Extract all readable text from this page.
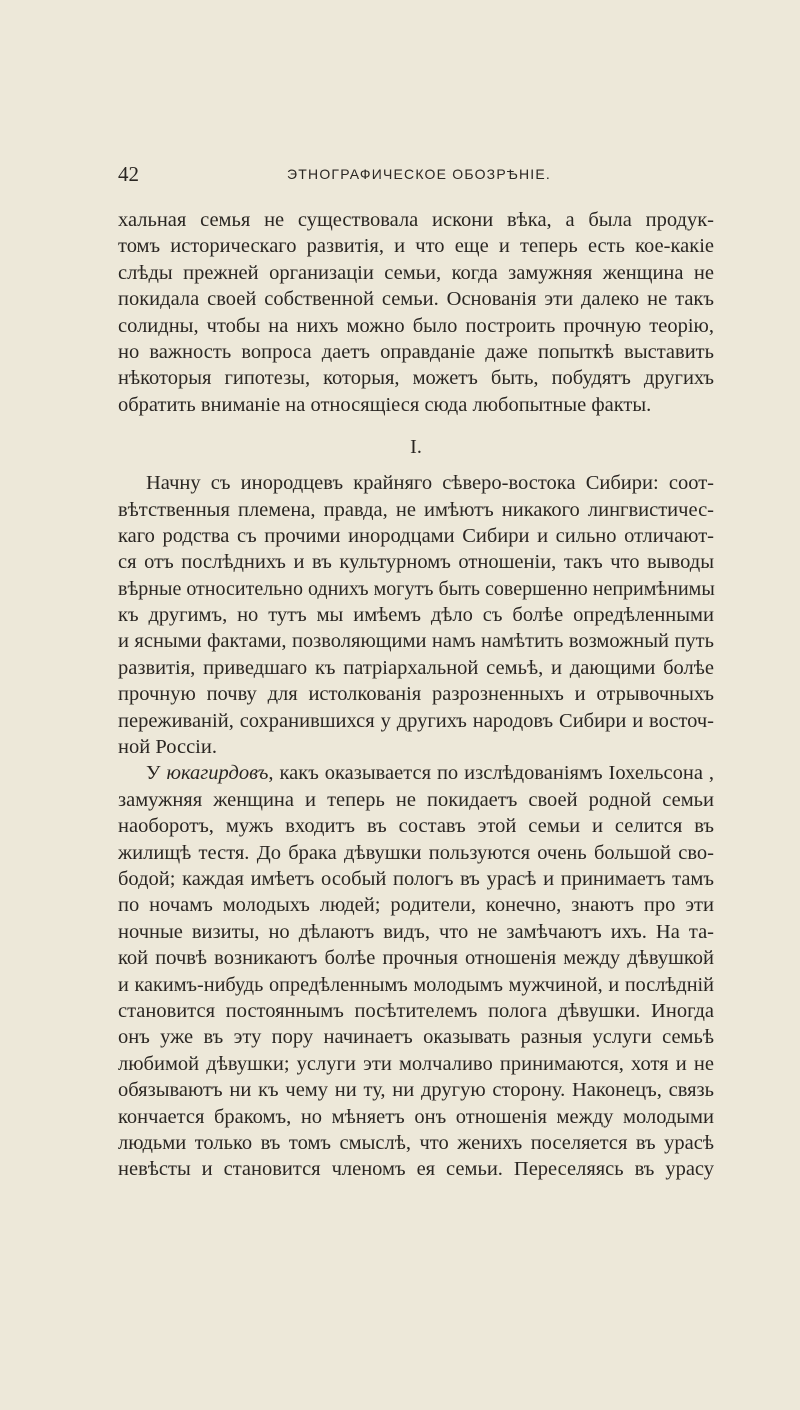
42	ЭТНОГРАФИЧЕСКОЕ ОБОЗРѢНІЕ.
хальная семья не существовала искони вѣка, а была продук-
томъ историческаго развитія, и что еще и теперь есть кое-какіе
слѣды прежней организаціи семьи, когда замужняя женщина не
покидала своей собственной семьи. Основанія эти далеко не такъ
солидны, чтобы на нихъ можно было построить прочную теорію,
но важность вопроса даетъ оправданіе даже попыткѣ выставить
нѣкоторыя гипотезы, которыя, можетъ быть, побудятъ другихъ
обратить вниманіе на относящіеся сюда любопытные факты.
I.
Начну съ инородцевъ крайняго сѣверо-востока Сибири: соот-
вѣтственныя племена, правда, не имѣютъ никакого лингвистичес-
каго родства съ прочими инородцами Сибири и сильно отличают-
ся отъ послѣднихъ и въ культурномъ отношеніи, такъ что выводы
вѣрные относительно однихъ могутъ быть совершенно непримѣнимы
къ другимъ, но тутъ мы имѣемъ дѣло съ болѣе опредѣленными
и ясными фактами, позволяющими намъ намѣтить возможный путь
развитія, приведшаго къ патріархальной семьѣ, и дающими болѣе
прочную почву для истолкованія разрозненныхъ и отрывочныхъ
переживаній, сохранившихся у другихъ народовъ Сибири и восточ-
ной Россіи.
У юкагирдовъ, какъ оказывается по изслѣдованіямъ Іохельсона ,
замужняя женщина и теперь не покидаетъ своей родной семьи
наоборотъ, мужъ входитъ въ составъ этой семьи и селится въ
жилищѣ тестя. До брака дѣвушки пользуются очень большой сво-
бодой; каждая имѣетъ особый пологъ въ урасѣ и принимаетъ тамъ
по ночамъ молодыхъ людей; родители, конечно, знаютъ про эти
ночные визиты, но дѣлаютъ видъ, что не замѣчаютъ ихъ. На та-
кой почвѣ возникаютъ болѣе прочныя отношенія между дѣвушкой
и какимъ-нибудь опредѣленнымъ молодымъ мужчиной, и послѣдній
становится постояннымъ посѣтителемъ полога дѣвушки. Иногда
онъ уже въ эту пору начинаетъ оказывать разныя услуги семьѣ
любимой дѣвушки; услуги эти молчаливо принимаются, хотя и не
обязываютъ ни къ чему ни ту, ни другую сторону. Наконецъ, связь
кончается бракомъ, но мѣняетъ онъ отношенія между молодыми
людьми только въ томъ смыслѣ, что женихъ поселяется въ урасѣ
невѣсты и становится членомъ ея семьи. Переселяясь въ урасу
